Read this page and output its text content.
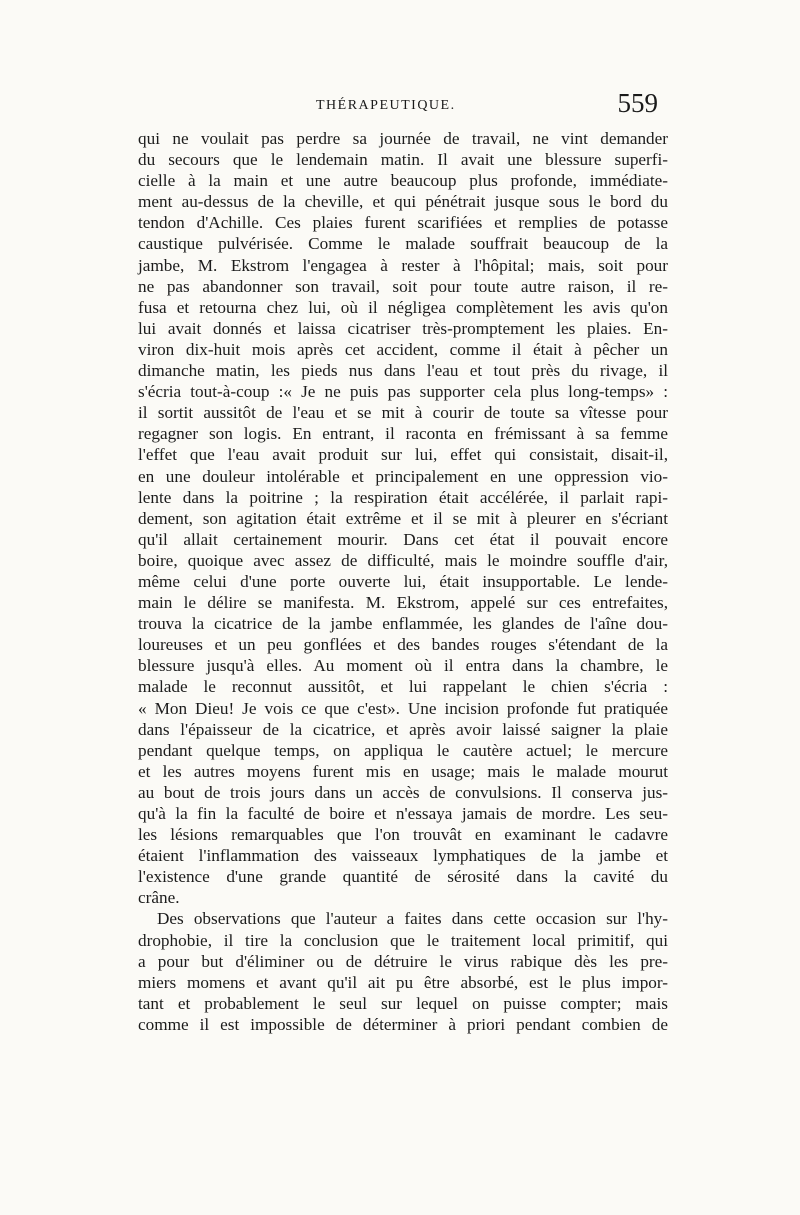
THÉRAPEUTIQUE.	559
qui ne voulait pas perdre sa journée de travail, ne vint demander
du secours que le lendemain matin. Il avait une blessure superfi-
cielle à la main et une autre beaucoup plus profonde, immédiate-
ment au-dessus de la cheville, et qui pénétrait jusque sous le bord du
tendon d'Achille. Ces plaies furent scarifiées et remplies de potasse
caustique pulvérisée. Comme le malade souffrait beaucoup de la
jambe, M. Ekstrom l'engagea à rester à l'hôpital; mais, soit pour
ne pas abandonner son travail, soit pour toute autre raison, il re-
fusa et retourna chez lui, où il négligea complètement les avis qu'on
lui avait donnés et laissa cicatriser très-promptement les plaies. En-
viron dix-huit mois après cet accident, comme il était à pêcher un
dimanche matin, les pieds nus dans l'eau et tout près du rivage, il
s'écria tout-à-coup :« Je ne puis pas supporter cela plus long-temps» :
il sortit aussitôt de l'eau et se mit à courir de toute sa vîtesse pour
regagner son logis. En entrant, il raconta en frémissant à sa femme
l'effet que l'eau avait produit sur lui, effet qui consistait, disait-il,
en une douleur intolérable et principalement en une oppression vio-
lente dans la poitrine ; la respiration était accélérée, il parlait rapi-
dement, son agitation était extrême et il se mit à pleurer en s'écriant
qu'il allait certainement mourir. Dans cet état il pouvait encore
boire, quoique avec assez de difficulté, mais le moindre souffle d'air,
même celui d'une porte ouverte lui, était insupportable. Le lende-
main le délire se manifesta. M. Ekstrom, appelé sur ces entrefaites,
trouva la cicatrice de la jambe enflammée, les glandes de l'aîne dou-
loureuses et un peu gonflées et des bandes rouges s'étendant de la
blessure jusqu'à elles. Au moment où il entra dans la chambre, le
malade le reconnut aussitôt, et lui rappelant le chien s'écria :
« Mon Dieu! Je vois ce que c'est». Une incision profonde fut pratiquée
dans l'épaisseur de la cicatrice, et après avoir laissé saigner la plaie
pendant quelque temps, on appliqua le cautère actuel; le mercure
et les autres moyens furent mis en usage; mais le malade mourut
au bout de trois jours dans un accès de convulsions. Il conserva jus-
qu'à la fin la faculté de boire et n'essaya jamais de mordre. Les seu-
les lésions remarquables que l'on trouvât en examinant le cadavre
étaient l'inflammation des vaisseaux lymphatiques de la jambe et
l'existence d'une grande quantité de sérosité dans la cavité du
crâne.
Des observations que l'auteur a faites dans cette occasion sur l'hy-
drophobie, il tire la conclusion que le traitement local primitif, qui
a pour but d'éliminer ou de détruire le virus rabique dès les pre-
miers momens et avant qu'il ait pu être absorbé, est le plus impor-
tant et probablement le seul sur lequel on puisse compter; mais
comme il est impossible de déterminer à priori pendant combien de
